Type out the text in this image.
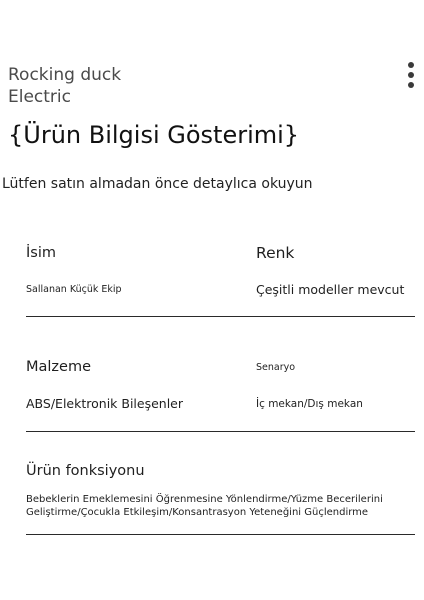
Rocking duck
Electric
{Ürün Bilgisi Gösterimi}
Lütfen satın almadan önce detaylıca okuyun
İsim	Renk
Sallanan Küçük Ekip	Çeşitli modeller mevcut
Malzeme	Senaryo
ABS/Elektronik Bileşenler	İç mekan/Dış mekan
Ürün fonksiyonu
Bebeklerin Emeklemesini Öğrenmesine Yönlendirme/Yüzme Becerilerini
Geliştirme/Çocukla Etkileşim/Konsantrasyon Yeteneğini Güçlendirme
